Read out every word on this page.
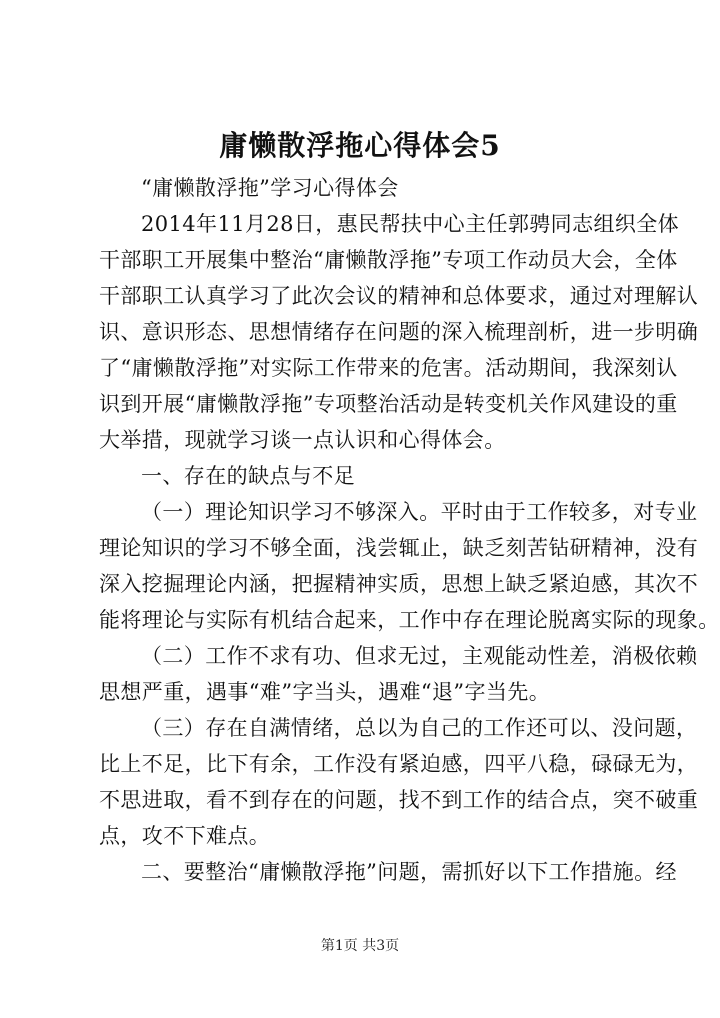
庸懒散浮拖心得体会5

“庸懒散浮拖”学习心得体会

2014年11月28日，惠民帮扶中心主任郭骋同志组织全体

干部职工开展集中整治“庸懒散浮拖”专项工作动员大会，全体

干部职工认真学习了此次会议的精神和总体要求，通过对理解认

识、意识形态、思想情绪存在问题的深入梳理剖析，进一步明确

了“庸懒散浮拖”对实际工作带来的危害。活动期间，我深刻认

识到开展“庸懒散浮拖”专项整治活动是转变机关作风建设的重

大举措，现就学习谈一点认识和心得体会。

一、存在的缺点与不足

（一）理论知识学习不够深入。平时由于工作较多，对专业

理论知识的学习不够全面，浅尝辄止，缺乏刻苦钻研精神，没有

深入挖掘理论内涵，把握精神实质，思想上缺乏紧迫感，其次不

能将理论与实际有机结合起来，工作中存在理论脱离实际的现象。

（二）工作不求有功、但求无过，主观能动性差，消极依赖

思想严重，遇事“难”字当头，遇难“退”字当先。

（三）存在自满情绪，总以为自己的工作还可以、没问题，

比上不足，比下有余，工作没有紧迫感，四平八稳，碌碌无为，

不思进取，看不到存在的问题，找不到工作的结合点，突不破重

点，攻不下难点。

二、要整治“庸懒散浮拖”问题，需抓好以下工作措施。经

第1页 共3页
